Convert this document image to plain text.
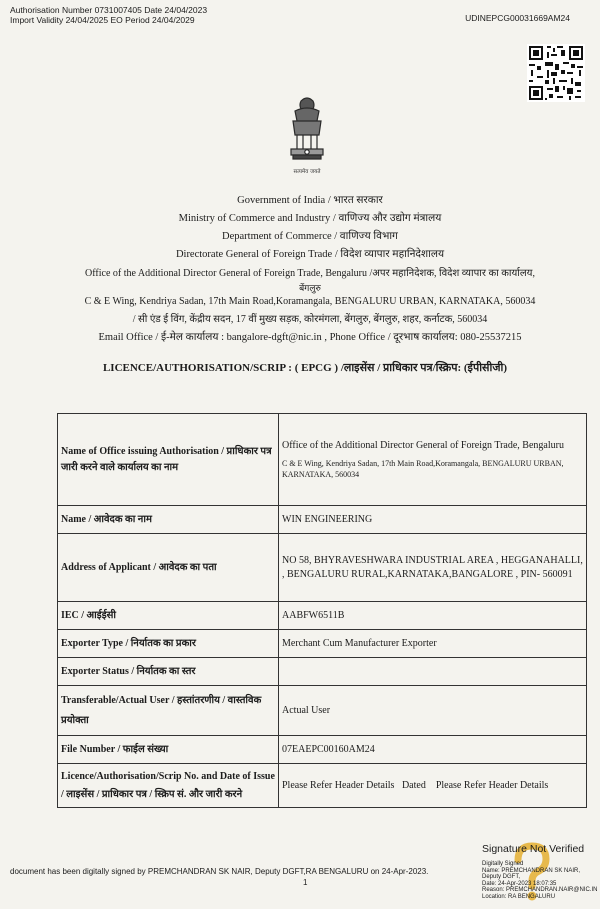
Authorisation Number 0731007405 Date 24/04/2023
Import Validity 24/04/2025 EO Period 24/04/2029	UDINEPCG00031669AM24
सत्यमेव जयते
Government of India / भारत सरकार
Ministry of Commerce and Industry / वाणिज्य और उद्योग मंत्रालय
Department of Commerce / वाणिज्य विभाग
Directorate General of Foreign Trade / विदेश व्यापार महानिदेशालय
Office of the Additional Director General of Foreign Trade, Bengaluru /अपर महानिदेशक, विदेश व्यापार का कार्यालय,
बेंगलुरु
C & E Wing, Kendriya Sadan, 17th Main Road,Koramangala, BENGALURU URBAN, KARNATAKA, 560034
/ सी एंड ई विंग, केंद्रीय सदन, 17 वीं मुख्य सड़क, कोरमंगला, बेंगलुरु, बेंगलुरु, शहर, कर्नाटक, 560034
Email Office / ई-मेल कार्यालय : bangalore-dgft@nic.in , Phone Office / दूरभाष कार्यालय: 080-25537215
LICENCE/AUTHORISATION/SCRIP : ( EPCG ) /लाइसेंस / प्राधिकार पत्र/स्क्रिप: (ईपीसीजी)
Name of Office issuing Authorisation / प्राधिकार पत्र जारी करने वाले कार्यालय का नाम	Office of the Additional Director General of Foreign Trade, Bengaluru
C & E Wing, Kendriya Sadan, 17th Main Road,Koramangala, BENGALURU URBAN, KARNATAKA, 560034

Name / आवेदक का नाम	WIN ENGINEERING
Address of Applicant / आवेदक का पता	NO 58, BHYRAVESHWARA INDUSTRIAL AREA , HEGGANAHALLI, , BENGALURU RURAL,KARNATAKA,BANGALORE , PIN- 560091
IEC / आईईसी	AABFW6511B
Exporter Type / निर्यातक का प्रकार	Merchant Cum Manufacturer Exporter
Exporter Status / निर्यातक का स्तर	
Transferable/Actual User / हस्तांतरणीय / वास्तविक प्रयोक्ता	Actual User
File Number / फाईल संख्या	07EAEPC00160AM24
Licence/Authorisation/Scrip No. and Date of Issue / लाइसेंस / प्राधिकार पत्र / स्क्रिप सं. और जारी करने	Please Refer Header Details   Dated    Please Refer Header Details
document has been digitally signed by PREMCHANDRAN SK NAIR, Deputy DGFT,RA BENGALURU on 24-Apr-2023.
1
Signature Not Verified
Digitally Signed
Name: PREMCHANDRAN SK NAIR,
Deputy DGFT,
Date: 24-Apr-2023 18:07:35
Reason: PREMCHANDRAN.NAIR@NIC.IN
Location: RA BENGALURU
